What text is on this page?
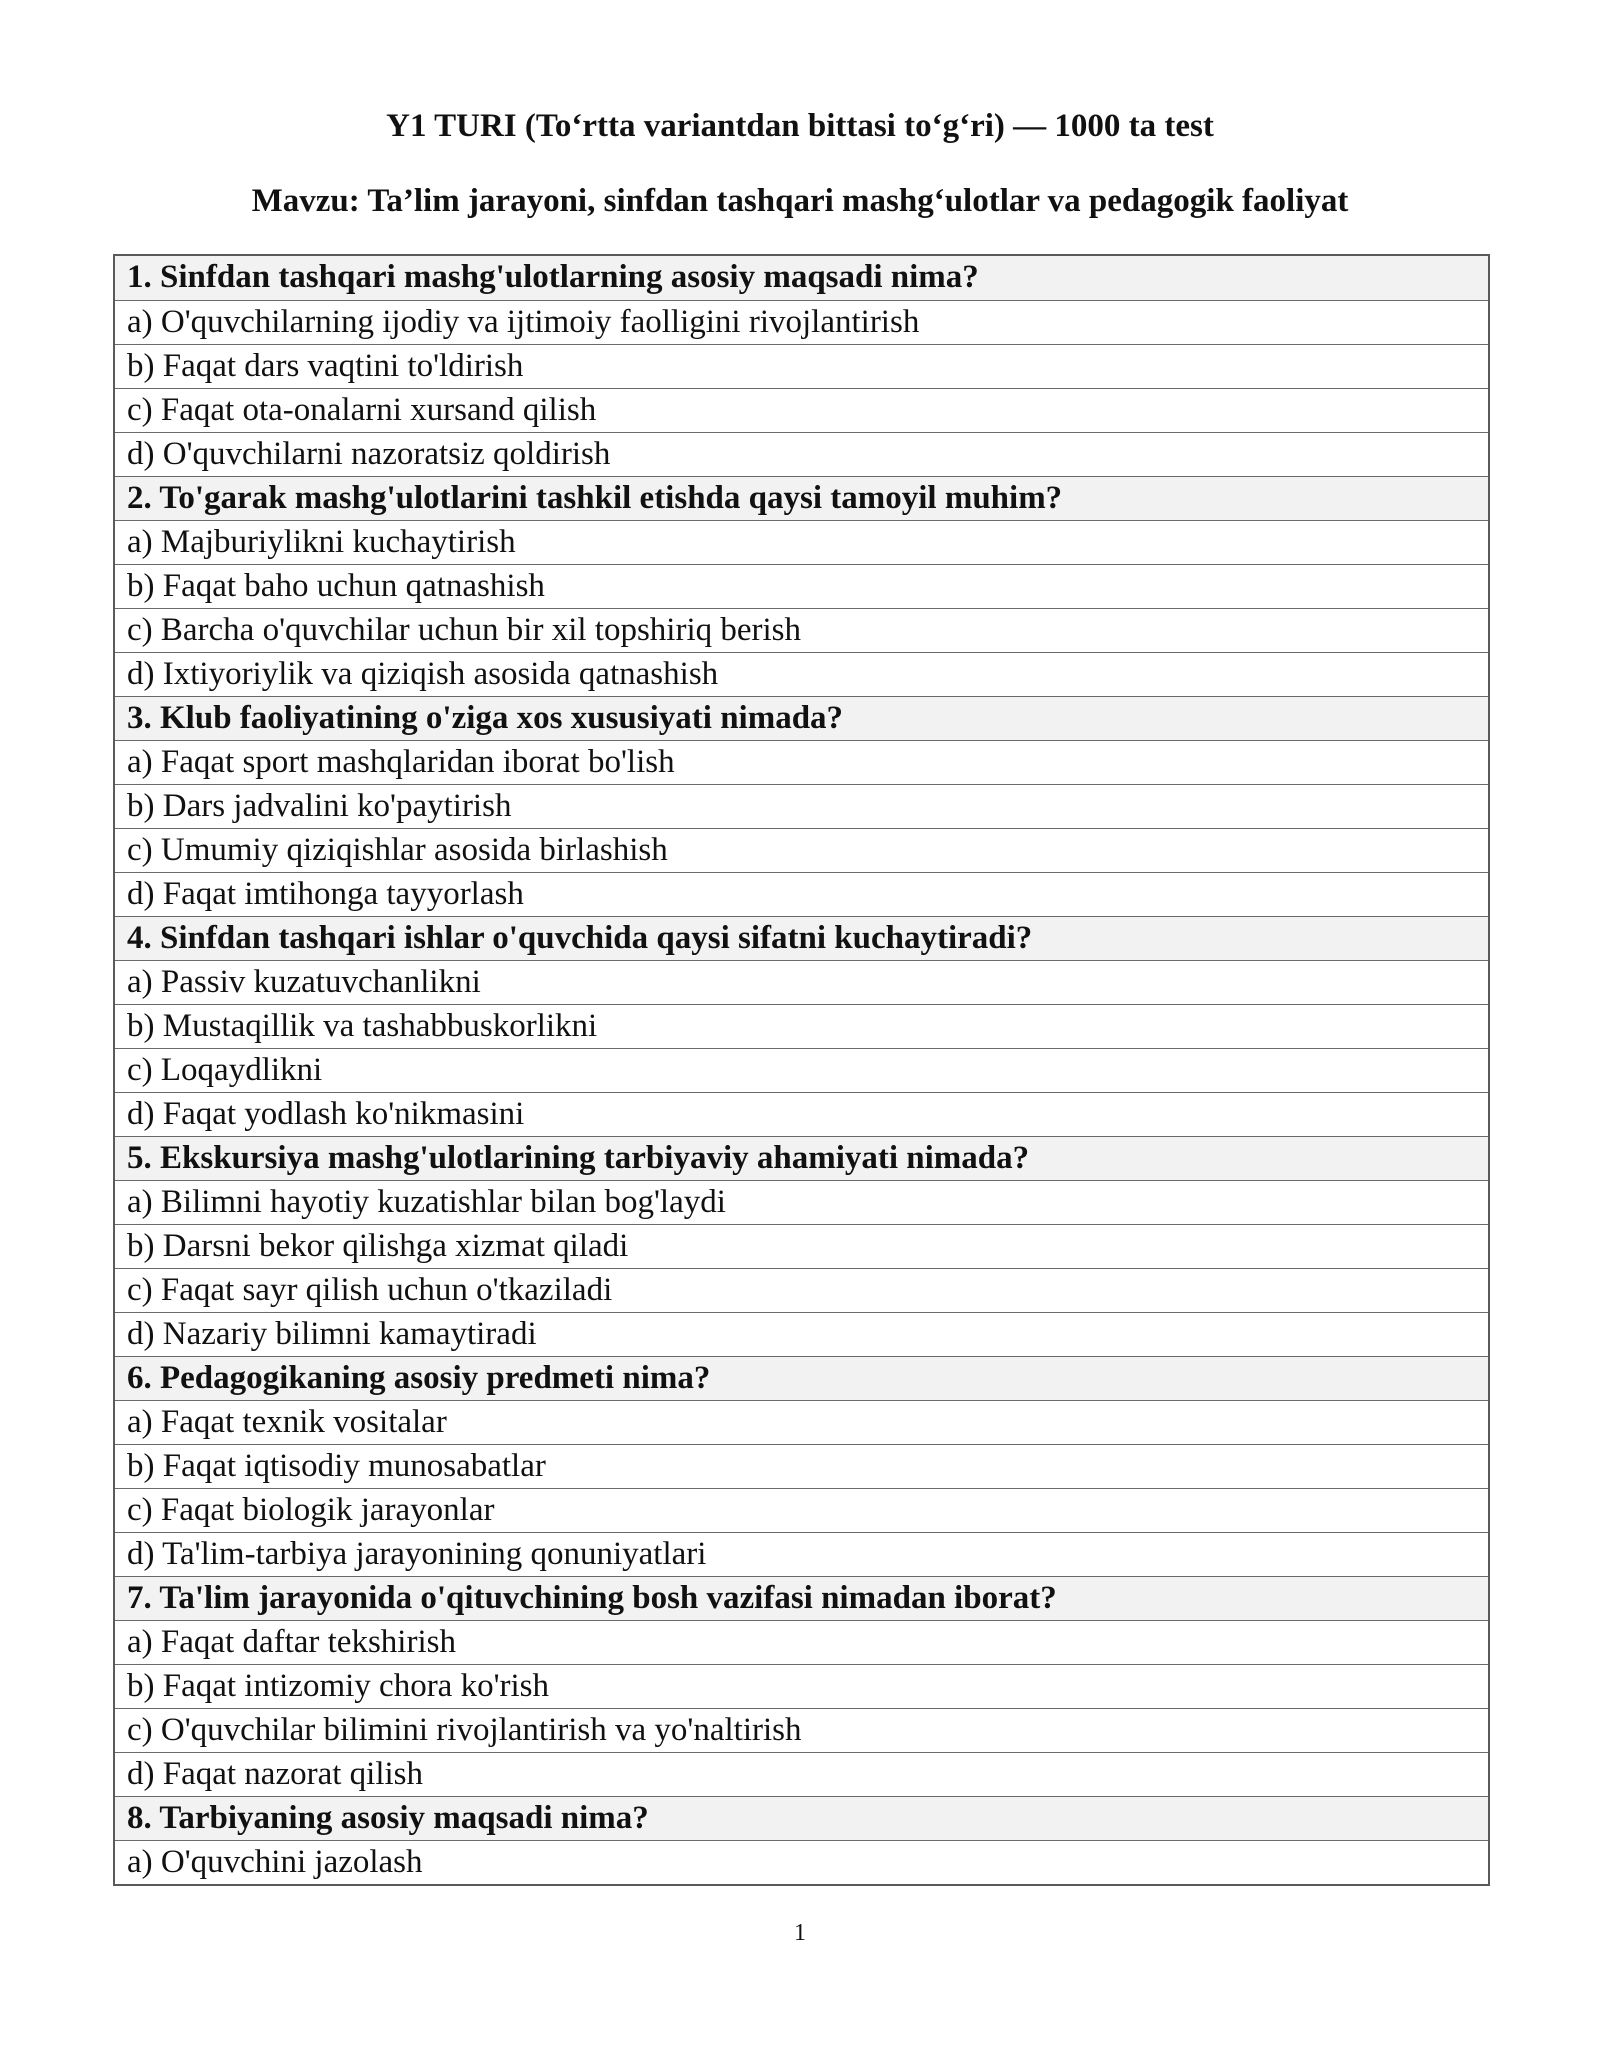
Y1 TURI (To‘rtta variantdan bittasi to‘g‘ri) — 1000 ta test
Mavzu: Ta’lim jarayoni, sinfdan tashqari mashg‘ulotlar va pedagogik faoliyat
1. Sinfdan tashqari mashg'ulotlarning asosiy maqsadi nima?
a) O'quvchilarning ijodiy va ijtimoiy faolligini rivojlantirish
b) Faqat dars vaqtini to'ldirish
c) Faqat ota-onalarni xursand qilish
d) O'quvchilarni nazoratsiz qoldirish
2. To'garak mashg'ulotlarini tashkil etishda qaysi tamoyil muhim?
a) Majburiylikni kuchaytirish
b) Faqat baho uchun qatnashish
c) Barcha o'quvchilar uchun bir xil topshiriq berish
d) Ixtiyoriylik va qiziqish asosida qatnashish
3. Klub faoliyatining o'ziga xos xususiyati nimada?
a) Faqat sport mashqlaridan iborat bo'lish
b) Dars jadvalini ko'paytirish
c) Umumiy qiziqishlar asosida birlashish
d) Faqat imtihonga tayyorlash
4. Sinfdan tashqari ishlar o'quvchida qaysi sifatni kuchaytiradi?
a) Passiv kuzatuvchanlikni
b) Mustaqillik va tashabbuskorlikni
c) Loqaydlikni
d) Faqat yodlash ko'nikmasini
5. Ekskursiya mashg'ulotlarining tarbiyaviy ahamiyati nimada?
a) Bilimni hayotiy kuzatishlar bilan bog'laydi
b) Darsni bekor qilishga xizmat qiladi
c) Faqat sayr qilish uchun o'tkaziladi
d) Nazariy bilimni kamaytiradi
6. Pedagogikaning asosiy predmeti nima?
a) Faqat texnik vositalar
b) Faqat iqtisodiy munosabatlar
c) Faqat biologik jarayonlar
d) Ta'lim-tarbiya jarayonining qonuniyatlari
7. Ta'lim jarayonida o'qituvchining bosh vazifasi nimadan iborat?
a) Faqat daftar tekshirish
b) Faqat intizomiy chora ko'rish
c) O'quvchilar bilimini rivojlantirish va yo'naltirish
d) Faqat nazorat qilish
8. Tarbiyaning asosiy maqsadi nima?
a) O'quvchini jazolash
1
